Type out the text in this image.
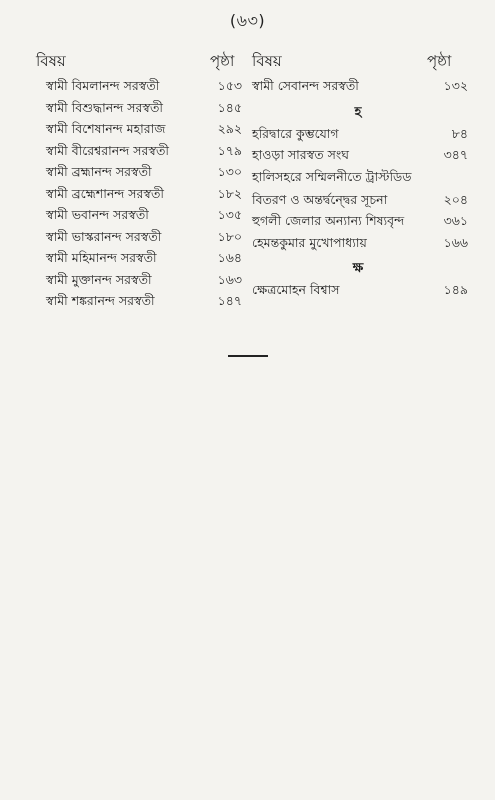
(৬৩)
বিষয়	পৃষ্ঠা বিষয়	পৃষ্ঠা
স্বামী বিমলানন্দ সরস্বতী	১৫৩
স্বামী বিশুদ্ধানন্দ সরস্বতী	১৪৫
স্বামী বিশেষানন্দ মহারাজ	২৯২
স্বামী বীরেশ্বরানন্দ সরস্বতী	১৭৯
স্বামী ব্রহ্মানন্দ সরস্বতী	১৩০
স্বামী ব্রহ্মেশানন্দ সরস্বতী	১৮২
স্বামী ভবানন্দ সরস্বতী	১৩৫
স্বামী ভাস্করানন্দ সরস্বতী	১৮০
স্বামী মহিমানন্দ সরস্বতী	১৬৪
স্বামী মুক্তানন্দ সরস্বতী	১৬৩
স্বামী শঙ্করানন্দ সরস্বতী	১৪৭
স্বামী সেবানন্দ সরস্বতী	১৩২
হ
হরিদ্বারে কুম্ভযোগ	৮৪
হাওড়া সারস্বত সংঘ	৩৪৭
হালিসহরে সম্মিলনীতে ট্রাস্টডিড
বিতরণ ও অন্তর্দ্বন্দ্বের সূচনা	২০৪
হুগলী জেলার অন্যান্য শিষ্যবৃন্দ	৩৬১
হেমন্তকুমার মুখোপাধ্যায়	১৬৬
ক্ষ
ক্ষেত্রমোহন বিশ্বাস	১৪৯
